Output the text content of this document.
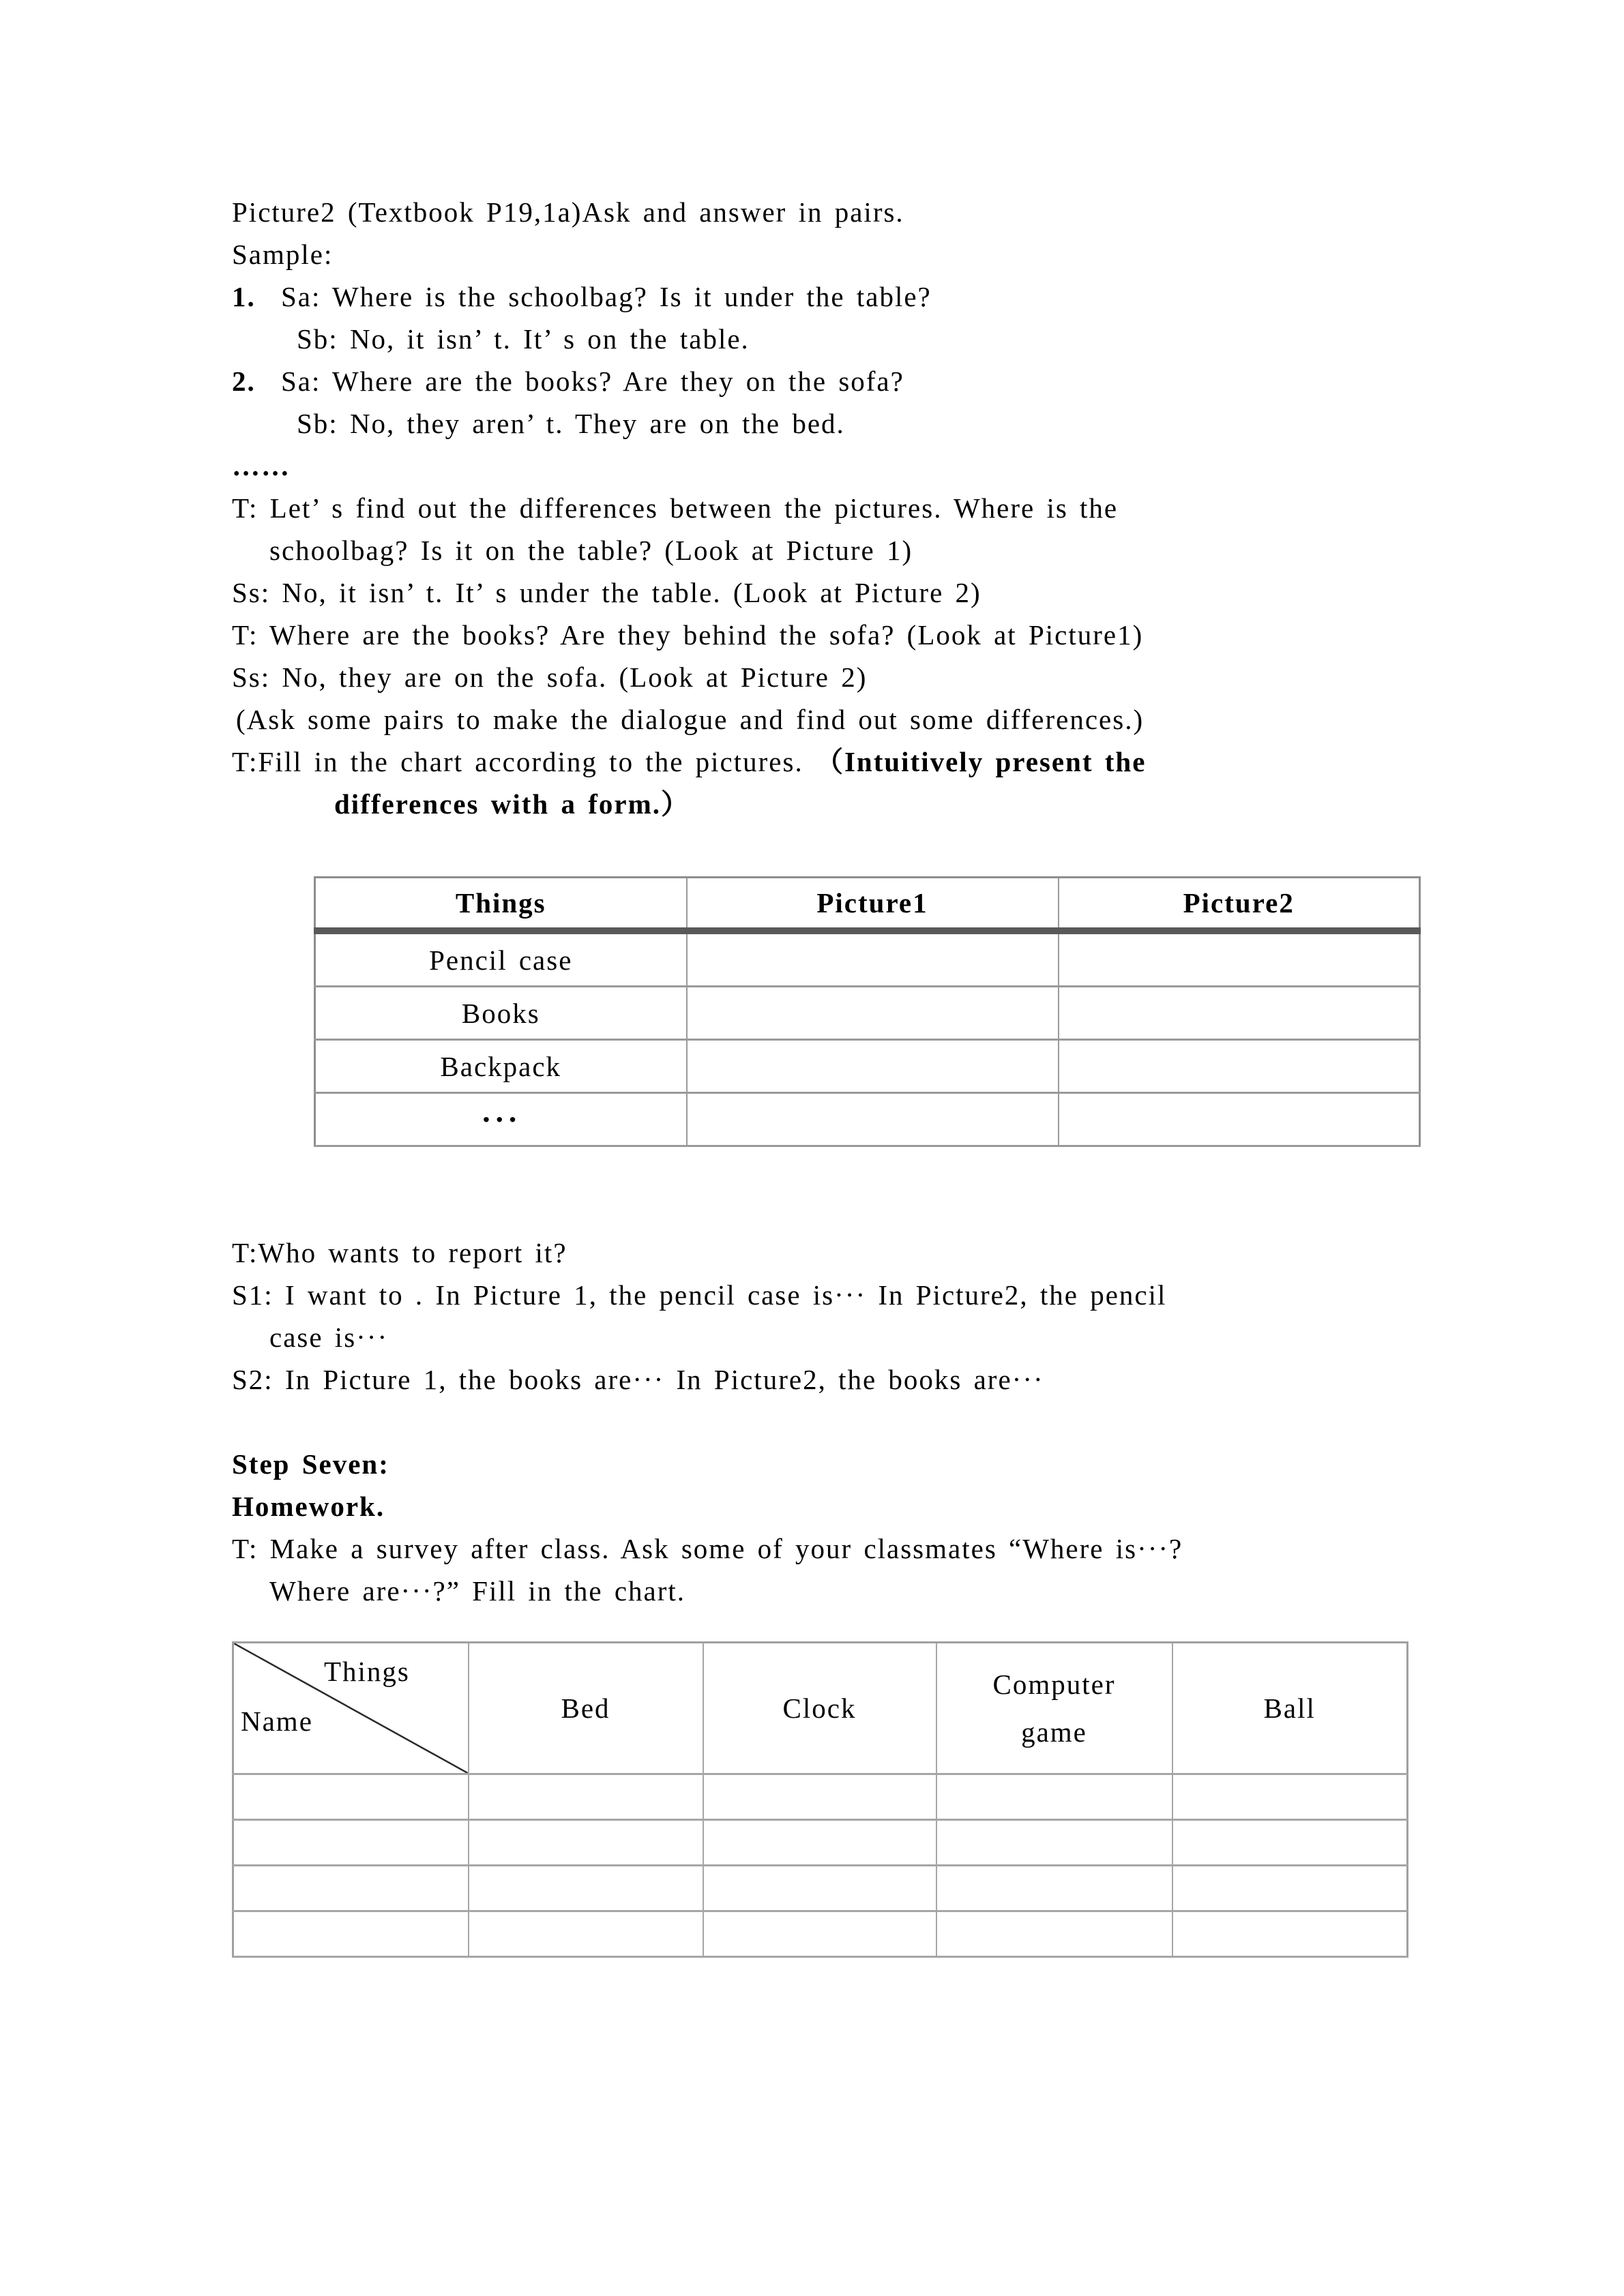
Picture2 (Textbook P19,1a)Ask and answer in pairs.
Sample:
1. Sa: Where is the schoolbag? Is it under the table?
Sb: No, it isn’ t. It’ s on the table.
2. Sa: Where are the books? Are they on the sofa?
Sb: No, they aren’ t. They are on the bed.
……
T: Let’ s find out the differences between the pictures. Where is the
schoolbag? Is it on the table? (Look at Picture 1)
Ss: No, it isn’ t. It’ s under the table. (Look at Picture 2)
T: Where are the books? Are they behind the sofa? (Look at Picture1)
Ss: No, they are on the sofa. (Look at Picture 2)
(Ask some pairs to make the dialogue and find out some differences.)
T:Fill in the chart according to the pictures. （Intuitively present the
differences with a form.）
Things	Picture1	Picture2
Pencil case		
Books		
Backpack		
···		
T:Who wants to report it?
S1: I want to . In Picture 1, the pencil case is··· In Picture2, the pencil
case is···
S2: In Picture 1, the books are··· In Picture2, the books are···
Step Seven:
Homework.
T: Make a survey after class. Ask some of your classmates “Where is···?
Where are···?” Fill in the chart.
Things
Name	Bed	Clock	Computer game	Ball
